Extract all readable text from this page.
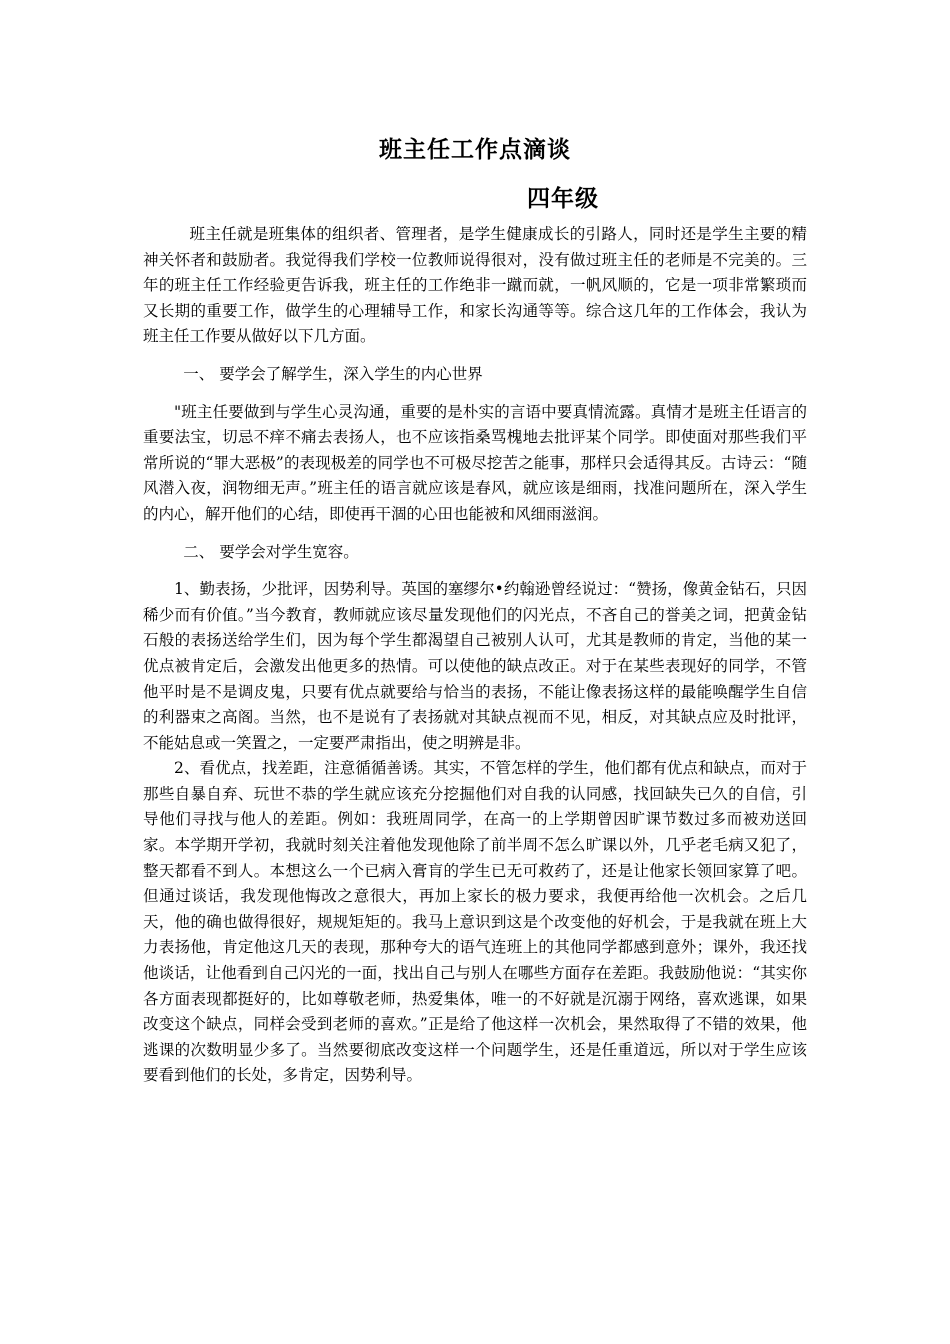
班主任工作点滴谈
四年级

班主任就是班集体的组织者、管理者，是学生健康成长的引路人，同时还是学生主要的精神关怀者和鼓励者。我觉得我们学校一位教师说得很对，没有做过班主任的老师是不完美的。三年的班主任工作经验更告诉我，班主任的工作绝非一蹴而就，一帆风顺的，它是一项非常繁琐而又长期的重要工作，做学生的心理辅导工作，和家长沟通等等。综合这几年的工作体会，我认为班主任工作要从做好以下几方面。

一、 要学会了解学生，深入学生的内心世界

"班主任要做到与学生心灵沟通，重要的是朴实的言语中要真情流露。真情才是班主任语言的重要法宝，切忌不痒不痛去表扬人，也不应该指桑骂槐地去批评某个同学。即使面对那些我们平常所说的“罪大恶极”的表现极差的同学也不可极尽挖苦之能事，那样只会适得其反。古诗云：“随风潜入夜，润物细无声。”班主任的语言就应该是春风，就应该是细雨，找准问题所在，深入学生的内心，解开他们的心结，即使再干涸的心田也能被和风细雨滋润。

二、 要学会对学生宽容。

1、勤表扬，少批评，因势利导。英国的塞缪尔•约翰逊曾经说过：“赞扬，像黄金钻石，只因稀少而有价值。”当今教育，教师就应该尽量发现他们的闪光点，不吝自己的誉美之词，把黄金钻石般的表扬送给学生们，因为每个学生都渴望自己被别人认可，尤其是教师的肯定，当他的某一优点被肯定后，会激发出他更多的热情。可以使他的缺点改正。对于在某些表现好的同学，不管他平时是不是调皮鬼，只要有优点就要给与恰当的表扬，不能让像表扬这样的最能唤醒学生自信的利器束之高阁。当然，也不是说有了表扬就对其缺点视而不见，相反，对其缺点应及时批评，不能姑息或一笑置之，一定要严肃指出，使之明辨是非。

2、看优点，找差距，注意循循善诱。其实，不管怎样的学生，他们都有优点和缺点，而对于那些自暴自弃、玩世不恭的学生就应该充分挖掘他们对自我的认同感，找回缺失已久的自信，引导他们寻找与他人的差距。例如：我班周同学，在高一的上学期曾因旷课节数过多而被劝送回家。本学期开学初，我就时刻关注着他发现他除了前半周不怎么旷课以外，几乎老毛病又犯了，整天都看不到人。本想这么一个已病入膏肓的学生已无可救药了，还是让他家长领回家算了吧。但通过谈话，我发现他悔改之意很大，再加上家长的极力要求，我便再给他一次机会。之后几天，他的确也做得很好，规规矩矩的。我马上意识到这是个改变他的好机会，于是我就在班上大力表扬他，肯定他这几天的表现，那种夸大的语气连班上的其他同学都感到意外；课外，我还找他谈话，让他看到自己闪光的一面，找出自己与别人在哪些方面存在差距。我鼓励他说：“其实你各方面表现都挺好的，比如尊敬老师，热爱集体，唯一的不好就是沉溺于网络，喜欢逃课，如果改变这个缺点，同样会受到老师的喜欢。”正是给了他这样一次机会，果然取得了不错的效果，他逃课的次数明显少多了。当然要彻底改变这样一个问题学生，还是任重道远，所以对于学生应该要看到他们的长处，多肯定，因势利导。
